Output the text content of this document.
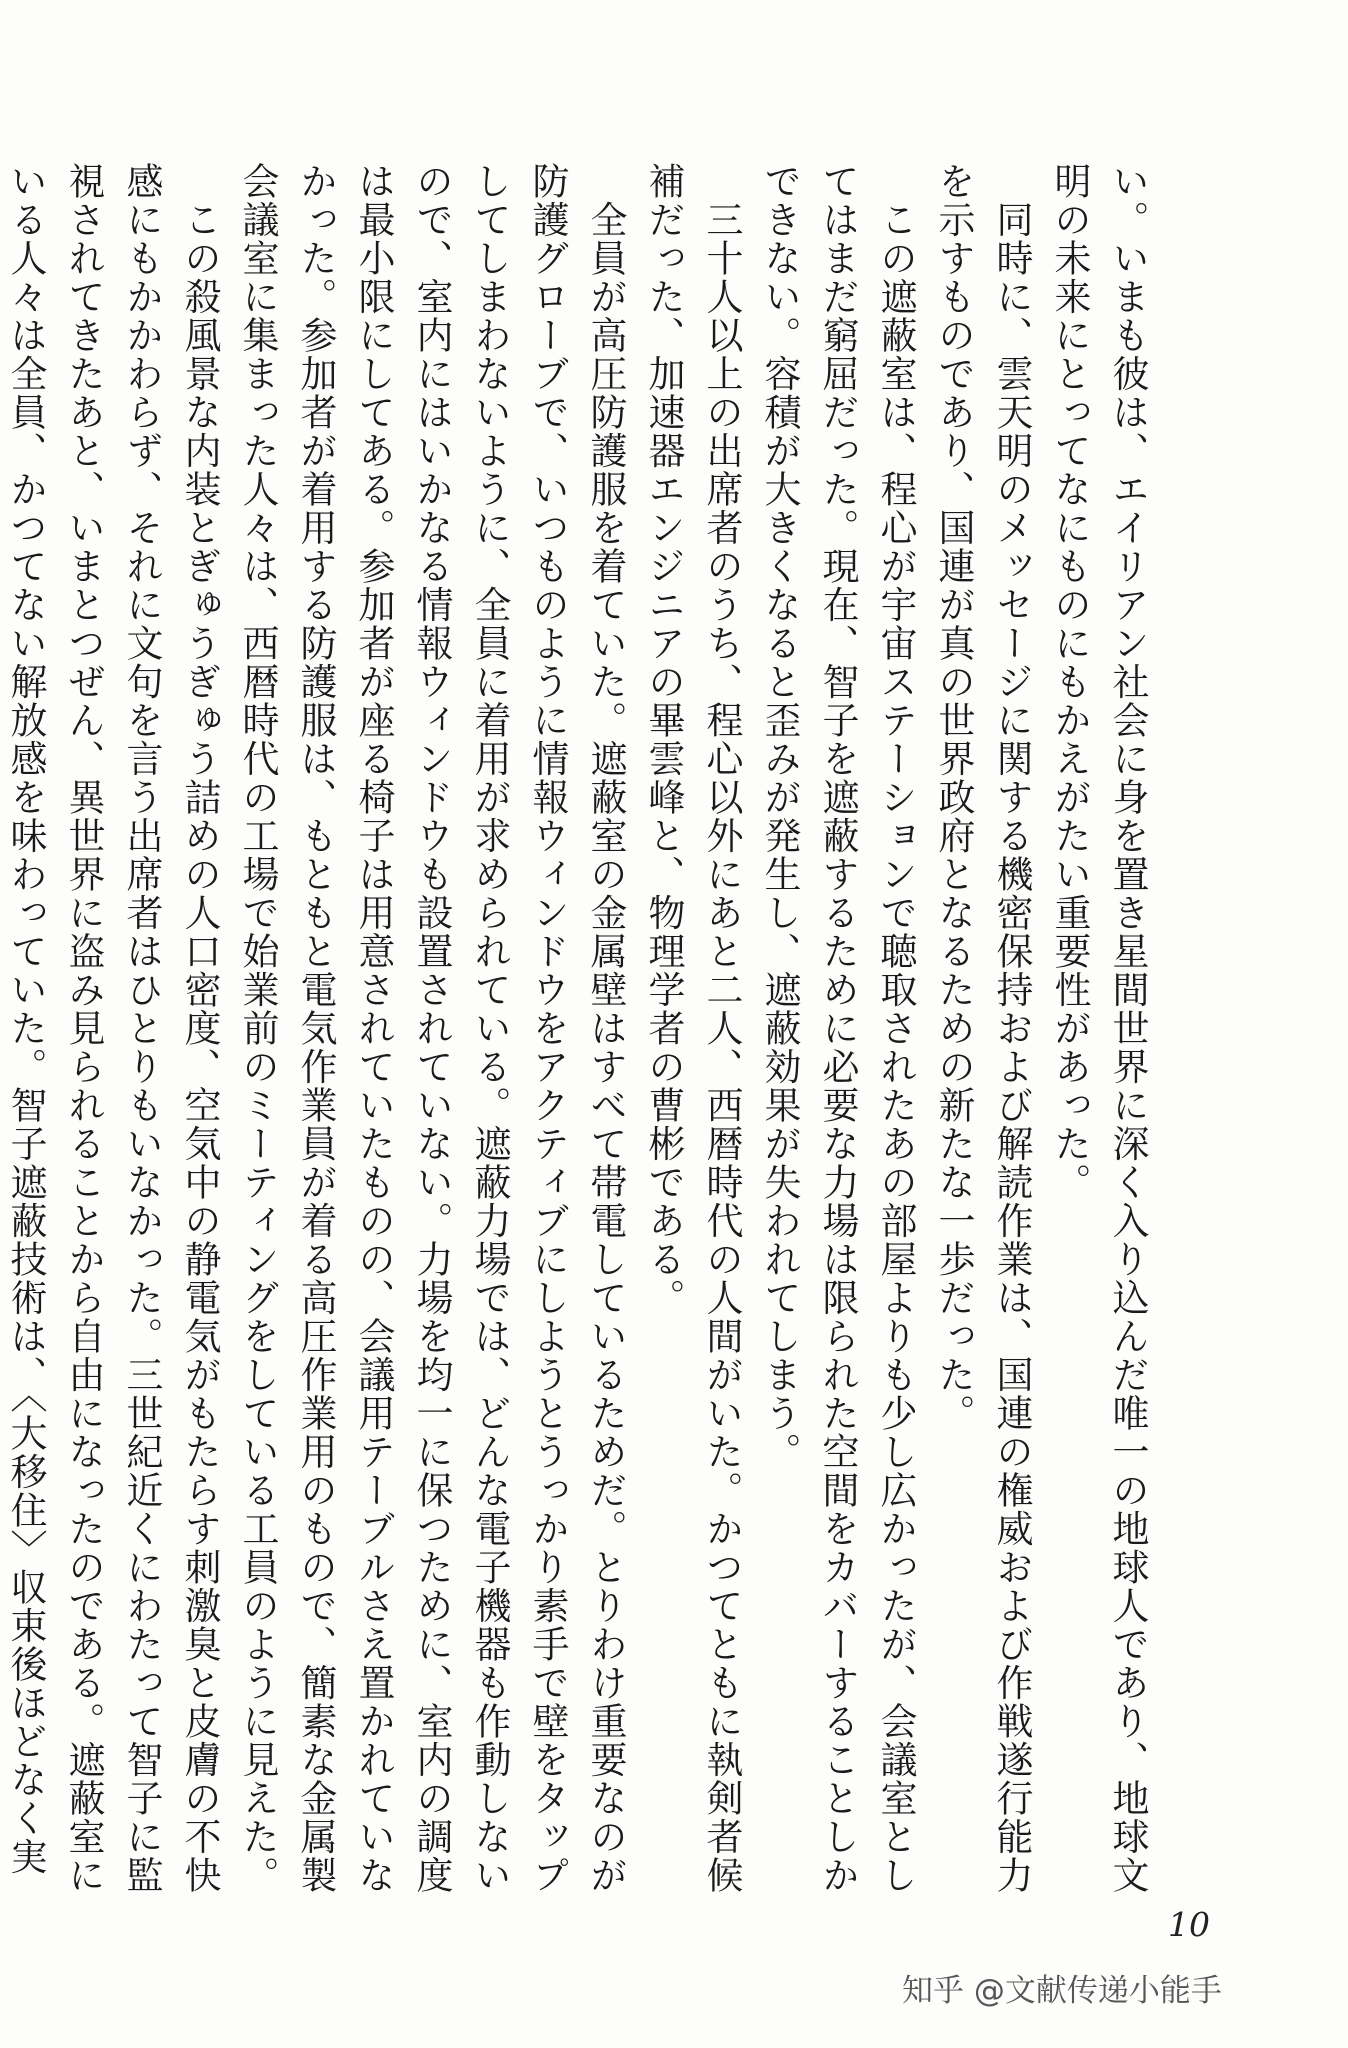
い。いまも彼は、エイリアン社会に身を置き星間世界に深く入り込んだ唯一の地球人であり、地球文
明の未来にとってなにものにもかえがたい重要性があった。
　同時に、雲天明のメッセージに関する機密保持および解読作業は、国連の権威および作戦遂行能力
を示すものであり、国連が真の世界政府となるための新たな一歩だった。
　この遮蔽室は、程心が宇宙ステーションで聴取されたあの部屋よりも少し広かったが、会議室とし
てはまだ窮屈だった。現在、智子を遮蔽するために必要な力場は限られた空間をカバーすることしか
できない。容積が大きくなると歪みが発生し、遮蔽効果が失われてしまう。
　三十人以上の出席者のうち、程心以外にあと二人、西暦時代の人間がいた。かつてともに執剣者候
補だった、加速器エンジニアの畢雲峰と、物理学者の曹彬である。
　全員が高圧防護服を着ていた。遮蔽室の金属壁はすべて帯電しているためだ。とりわけ重要なのが
防護グローブで、いつものように情報ウィンドウをアクティブにしようとうっかり素手で壁をタップ
してしまわないように、全員に着用が求められている。遮蔽力場では、どんな電子機器も作動しない
ので、室内にはいかなる情報ウィンドウも設置されていない。力場を均一に保つために、室内の調度
は最小限にしてある。参加者が座る椅子は用意されていたものの、会議用テーブルさえ置かれていな
かった。参加者が着用する防護服は、もともと電気作業員が着る高圧作業用のもので、簡素な金属製
会議室に集まった人々は、西暦時代の工場で始業前のミーティングをしている工員のように見えた。
　この殺風景な内装とぎゅうぎゅう詰めの人口密度、空気中の静電気がもたらす刺激臭と皮膚の不快
感にもかかわらず、それに文句を言う出席者はひとりもいなかった。三世紀近くにわたって智子に監
視されてきたあと、いまとつぜん、異世界に盗み見られることから自由になったのである。遮蔽室に
いる人々は全員、かつてない解放感を味わっていた。智子遮蔽技術は、〈大移住〉収束後ほどなく実
10
知乎 @文献传递小能手
